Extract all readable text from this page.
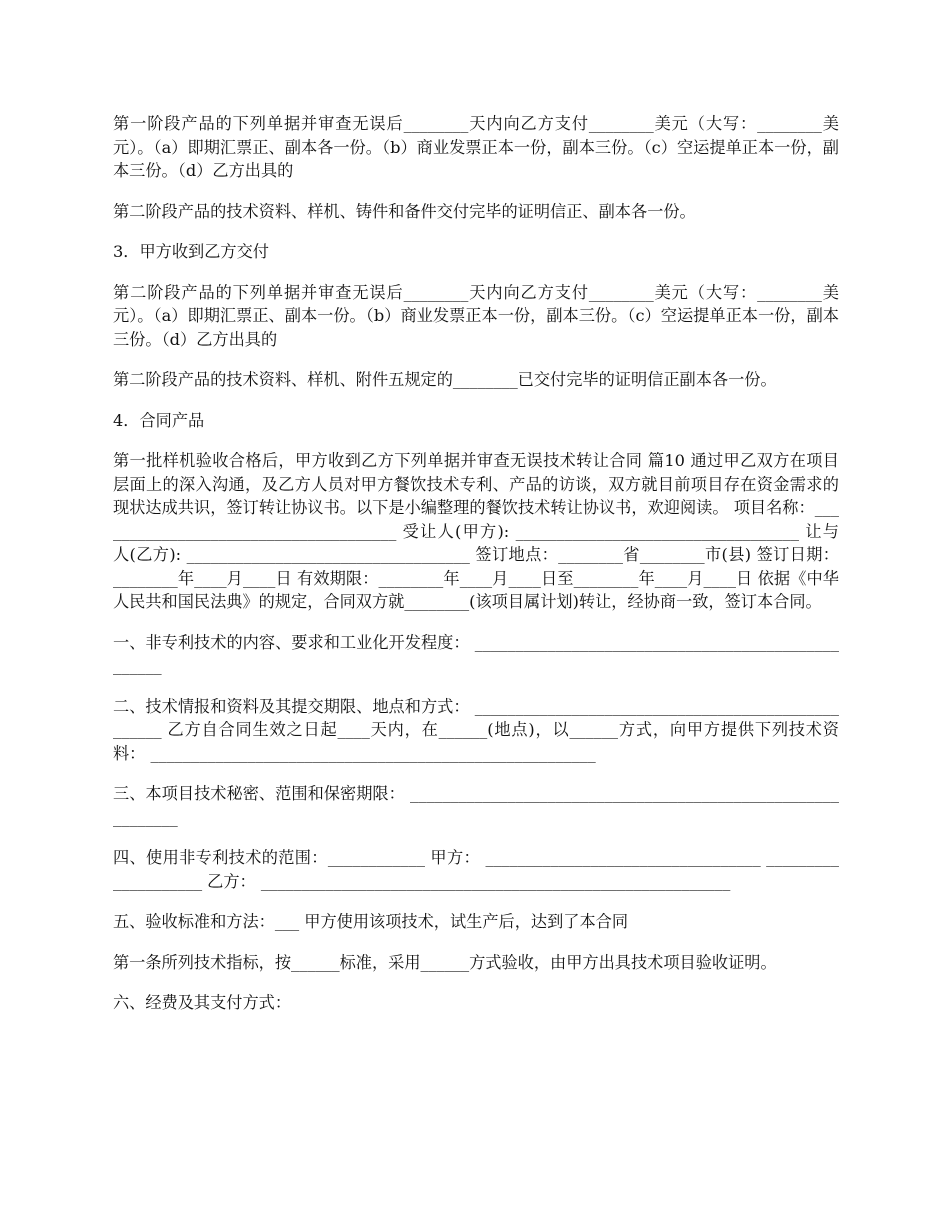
第一阶段产品的下列单据并审查无误后________天内向乙方支付________美元（大写：________美元）。（a）即期汇票正、副本各一份。（b）商业发票正本一份，副本三份。（c）空运提单正本一份，副本三份。（d）乙方出具的

第二阶段产品的技术资料、样机、铸件和备件交付完毕的证明信正、副本各一份。

3．甲方收到乙方交付

第二阶段产品的下列单据并审查无误后________天内向乙方支付________美元（大写：________美元）。（a）即期汇票正、副本一份。（b）商业发票正本一份，副本三份。（c）空运提单正本一份，副本三份。（d）乙方出具的

第二阶段产品的技术资料、样机、附件五规定的________已交付完毕的证明信正副本各一份。

4．合同产品

第一批样机验收合格后，甲方收到乙方下列单据并审查无误技术转让合同 篇10 通过甲乙双方在项目层面上的深入沟通，及乙方人员对甲方餐饮技术专利、产品的访谈，双方就目前项目存在资金需求的现状达成共识，签订转让协议书。以下是小编整理的餐饮技术转让协议书，欢迎阅读。 项目名称：______________________________________ 受让人(甲方): ___________________________________ 让与人(乙方): ___________________________________ 签订地点：________省________市(县) 签订日期：________年____月____日 有效期限：________年____月____日至________年____月____日 依据《中华人民共和国民法典》的规定，合同双方就________(该项目属计划)转让，经协商一致，签订本合同。

一、非专利技术的内容、要求和工业化开发程度： ___________________________________________________

二、技术情报和资料及其提交期限、地点和方式： ___________________________________________________ 乙方自合同生效之日起____天内，在______(地点)，以______方式，向甲方提供下列技术资料： _______________________________________________________

三、本项目技术秘密、范围和保密期限： _____________________________________________________________

四、使用非专利技术的范围：____________ 甲方： __________________________________ ____________________ 乙方： __________________________________________________________

五、验收标准和方法：___ 甲方使用该项技术，试生产后，达到了本合同

第一条所列技术指标，按______标准，采用______方式验收，由甲方出具技术项目验收证明。

六、经费及其支付方式：
